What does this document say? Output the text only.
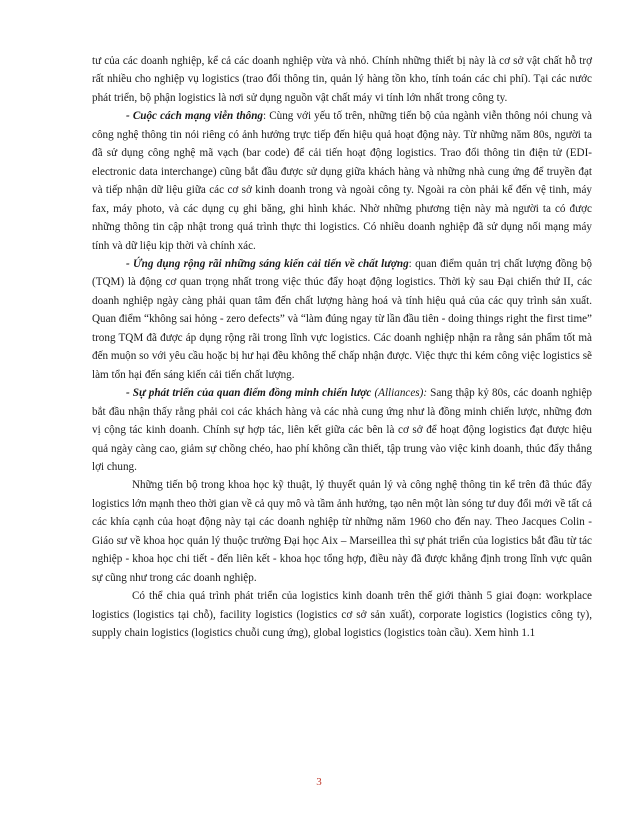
tư của các doanh nghiệp, kể cả các doanh nghiệp vừa và nhỏ. Chính những thiết bị này là cơ sở vật chất hỗ trợ rất nhiều cho nghiệp vụ logistics (trao đổi thông tin, quản lý hàng tồn kho, tính toán các chi phí). Tại các nước phát triển, bộ phận logistics là nơi sử dụng nguồn vật chất máy vi tính lớn nhất trong công ty.

- Cuộc cách mạng viễn thông: Cùng với yếu tố trên, những tiến bộ của ngành viễn thông nói chung và công nghệ thông tin nói riêng có ảnh hưởng trực tiếp đến hiệu quả hoạt động này. Từ những năm 80s, người ta đã sử dụng công nghệ mã vạch (bar code) để cải tiến hoạt động logistics. Trao đổi thông tin điện tử (EDI- electronic data interchange) cũng bắt đầu được sử dụng giữa khách hàng và những nhà cung ứng để truyền đạt và tiếp nhận dữ liệu giữa các cơ sở kinh doanh trong và ngoài công ty. Ngoài ra còn phải kể đến vệ tinh, máy fax, máy photo, và các dụng cụ ghi băng, ghi hình khác. Nhờ những phương tiện này mà người ta có được những thông tin cập nhật trong quá trình thực thi logistics. Có nhiều doanh nghiệp đã sử dụng nối mạng máy tính và dữ liệu kịp thời và chính xác.

- Ứng dụng rộng rãi những sáng kiến cải tiến về chất lượng: quan điểm quản trị chất lượng đồng bộ (TQM) là động cơ quan trọng nhất trong việc thúc đẩy hoạt động logistics. Thời kỳ sau Đại chiến thứ II, các doanh nghiệp ngày càng phải quan tâm đến chất lượng hàng hoá và tính hiệu quả của các quy trình sản xuất. Quan điểm “không sai hỏng - zero defects” và “làm đúng ngay từ lần đầu tiên - doing things right the first time” trong TQM đã được áp dụng rộng rãi trong lĩnh vực logistics. Các doanh nghiệp nhận ra rằng sản phẩm tốt mà đến muộn so với yêu cầu hoặc bị hư hại đều không thể chấp nhận được. Việc thực thi kém công việc logistics sẽ làm tổn hại đến sáng kiến cải tiến chất lượng.

- Sự phát triển của quan điểm đồng minh chiến lược (Alliances): Sang thập kỷ 80s, các doanh nghiệp bắt đầu nhận thấy rằng phải coi các khách hàng và các nhà cung ứng như là đồng minh chiến lược, những đơn vị cộng tác kinh doanh. Chính sự hợp tác, liên kết giữa các bên là cơ sở để hoạt động logistics đạt được hiệu quả ngày càng cao, giảm sự chồng chéo, hao phí không cần thiết, tập trung vào việc kinh doanh, thúc đẩy thắng lợi chung.

Những tiến bộ trong khoa học kỹ thuật, lý thuyết quản lý và công nghệ thông tin kể trên đã thúc đẩy logistics lớn mạnh theo thời gian về cả quy mô và tầm ảnh hưởng, tạo nên một làn sóng tư duy đổi mới về tất cả các khía cạnh của hoạt động này tại các doanh nghiệp từ những năm 1960 cho đến nay. Theo Jacques Colin - Giáo sư về khoa học quản lý thuộc trường Đại học Aix – Marseillea thì sự phát triển của logistics bắt đầu từ tác nghiệp - khoa học chi tiết - đến liên kết - khoa học tổng hợp, điều này đã được khẳng định trong lĩnh vực quân sự cũng như trong các doanh nghiệp.

Có thể chia quá trình phát triển của logistics kinh doanh trên thế giới thành 5 giai đoạn: workplace logistics (logistics tại chỗ), facility logistics (logistics cơ sở sản xuất), corporate logistics (logistics công ty), supply chain logistics (logistics chuỗi cung ứng), global logistics (logistics toàn cầu). Xem hình 1.1

3
